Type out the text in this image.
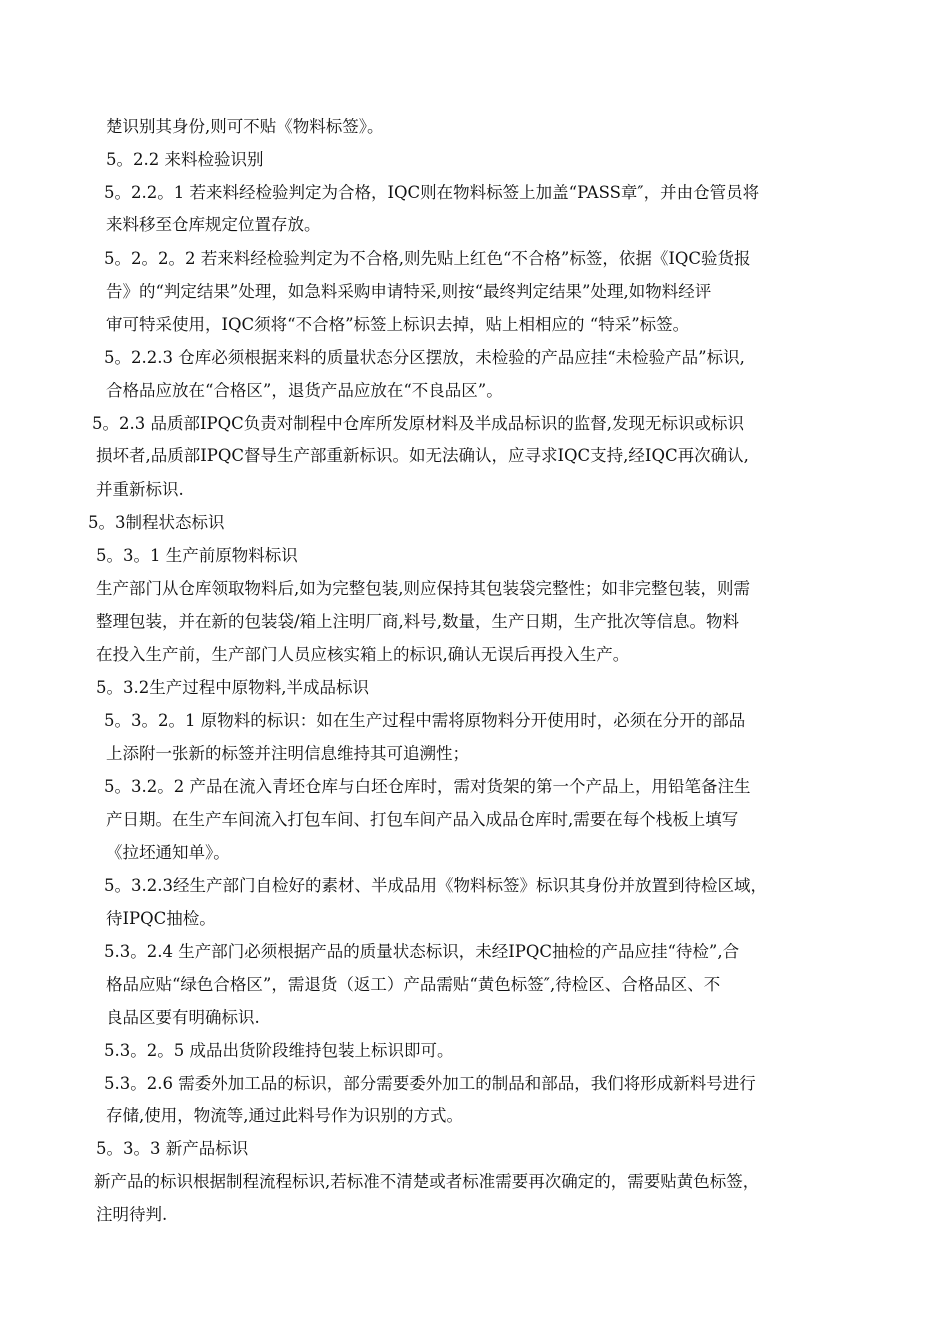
楚识别其身份,则可不贴《物料标签》。
5。2.2 来料检验识别
5。2.2。1 若来料经检验判定为合格，IQC则在物料标签上加盖“PASS章″，并由仓管员将
来料移至仓库规定位置存放。
5。2。2。2 若来料经检验判定为不合格,则先贴上红色“不合格”标签，依据《IQC验货报
告》的“判定结果”处理，如急料采购申请特采,则按“最终判定结果”处理,如物料经评
审可特采使用，IQC须将“不合格”标签上标识去掉，贴上相相应的 “特采”标签。
5。2.2.3 仓库必须根据来料的质量状态分区摆放，未检验的产品应挂“未检验产品”标识,
合格品应放在“合格区”，退货产品应放在“不良品区”。
5。2.3 品质部IPQC负责对制程中仓库所发原材料及半成品标识的监督,发现无标识或标识
损坏者,品质部IPQC督导生产部重新标识。如无法确认，应寻求IQC支持,经IQC再次确认,
并重新标识.
5。3制程状态标识
5。3。1 生产前原物料标识
生产部门从仓库领取物料后,如为完整包装,则应保持其包装袋完整性；如非完整包装，则需
整理包装，并在新的包装袋/箱上注明厂商,料号,数量，生产日期，生产批次等信息。物料
在投入生产前，生产部门人员应核实箱上的标识,确认无误后再投入生产。
5。3.2生产过程中原物料,半成品标识
5。3。2。1 原物料的标识：如在生产过程中需将原物料分开使用时，必须在分开的部品
上添附一张新的标签并注明信息维持其可追溯性；
5。3.2。2 产品在流入青坯仓库与白坯仓库时，需对货架的第一个产品上，用铅笔备注生
产日期。在生产车间流入打包车间、打包车间产品入成品仓库时,需要在每个栈板上填写
《拉坯通知单》。
5。3.2.3经生产部门自检好的素材、半成品用《物料标签》标识其身份并放置到待检区域，
待IPQC抽检。
5.3。2.4 生产部门必须根据产品的质量状态标识，未经IPQC抽检的产品应挂“待检”,合
格品应贴“绿色合格区”，需退货（返工）产品需贴“黄色标签″,待检区、合格品区、不
良品区要有明确标识.
5.3。2。5 成品出货阶段维持包装上标识即可。
5.3。2.6 需委外加工品的标识，部分需要委外加工的制品和部品，我们将形成新料号进行
存储,使用，物流等,通过此料号作为识别的方式。
5。3。3 新产品标识
新产品的标识根据制程流程标识,若标准不清楚或者标准需要再次确定的，需要贴黄色标签，
注明待判.
